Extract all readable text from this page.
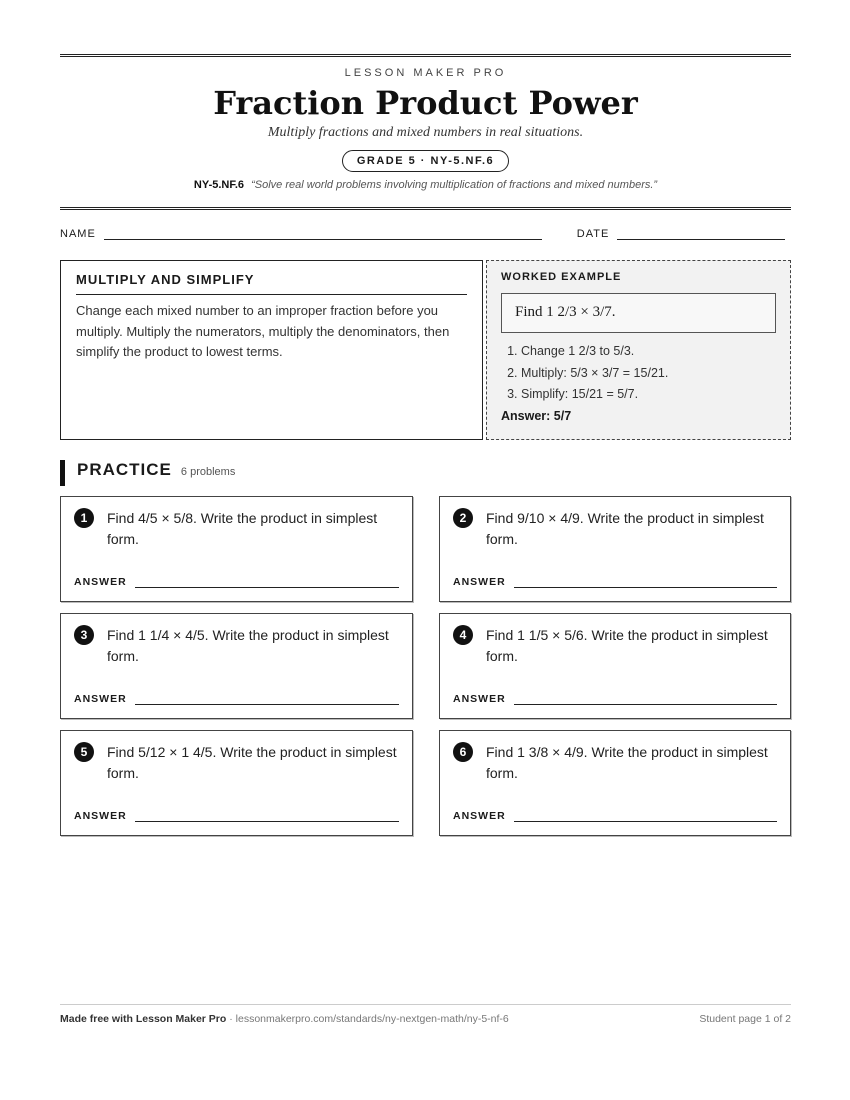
LESSON MAKER PRO
Fraction Product Power
Multiply fractions and mixed numbers in real situations.
GRADE 5 · NY-5.NF.6
NY-5.NF.6 “Solve real world problems involving multiplication of fractions and mixed numbers.”
NAME	DATE
MULTIPLY AND SIMPLIFY
Change each mixed number to an improper fraction before you multiply. Multiply the numerators, multiply the denominators, then simplify the product to lowest terms.
WORKED EXAMPLE
Find 1 2/3 × 3/7.
1. Change 1 2/3 to 5/3.
2. Multiply: 5/3 × 3/7 = 15/21.
3. Simplify: 15/21 = 5/7.
Answer: 5/7
PRACTICE 6 problems
1	Find 4/5 × 5/8. Write the product in simplest form.
ANSWER
2	Find 9/10 × 4/9. Write the product in simplest form.
ANSWER
3	Find 1 1/4 × 4/5. Write the product in simplest form.
ANSWER
4	Find 1 1/5 × 5/6. Write the product in simplest form.
ANSWER
5	Find 5/12 × 1 4/5. Write the product in simplest form.
ANSWER
6	Find 1 3/8 × 4/9. Write the product in simplest form.
ANSWER
Made free with Lesson Maker Pro · lessonmakerpro.com/standards/ny-nextgen-math/ny-5-nf-6	Student page 1 of 2
